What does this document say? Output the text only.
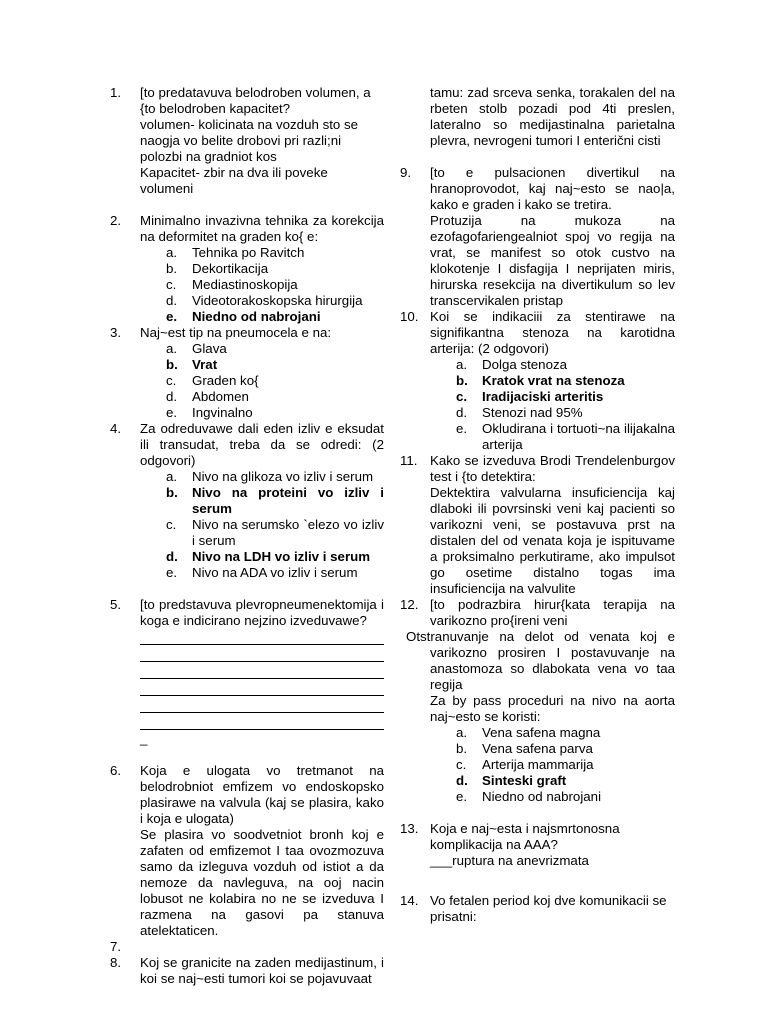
1. [to predatavuva belodroben volumen, a {to belodroben kapacitet?
volumen- kolicinata na vozduh sto se naogja vo belite drobovi pri razli;ni polozbi na gradniot kos
Kapacitet- zbir na dva ili poveke volumeni
2. Minimalno invazivna tehnika za korekcija na deformitet na graden ko{ e:
a. Tehnika po Ravitch
b. Dekortikacija
c. Mediastinoskopija
d. Videotorakoskopska hirurgija
e. Niedno od nabrojani
3. Naj~est tip na pneumocela e na:
a. Glava
b. Vrat
c. Graden ko{
d. Abdomen
e. Ingvinalno
4. Za odreduvawe dali eden izliv e eksudat ili transudat, treba da se odredi: (2 odgovori)
a. Nivo na glikoza vo izliv i serum
b. Nivo na proteini vo izliv i serum
c. Nivo na serumsko `elezo vo izliv i serum
d. Nivo na LDH vo izliv i serum
e. Nivo na ADA vo izliv i serum
5. [to predstavuva plevropneumenektomija i koga e indicirano nejzino izveduvawe?
_
6. Koja e ulogata vo tretmanot na belodrobniot emfizem vo endoskopsko plasirawe na valvula (kaj se plasira, kako i koja e ulogata)
Se plasira vo soodvetniot bronh koj e zafaten od emfizemot I taa ovozmozuva samo da izleguva vozduh od istiot a da nemoze da navleguva, na ooj nacin lobusot ne kolabira no ne se izveduva I razmena na gasovi pa stanuva atelektaticen.
7.

8. Koj se granicite na zaden medijastinum, i koi se naj~esti tumori koi se pojavuvaat
tamu: zad srceva senka, torakalen del na rbeten stolb pozadi pod 4ti preslen, lateralno so medijastinalna parietalna plevra, nevrogeni tumori I enterični cisti
9. [to e pulsacionen divertikul na hranoprovodot, kaj naj~esto se nao|a, kako e graden i kako se tretira.
Protuzija na mukoza na ezofagofariengealniot spoj vo regija na vrat, se manifest so otok custvo na klokotenje I disfagija I neprijaten miris, hirurska resekcija na divertikulum so lev transcervikalen pristap
10. Koi se indikaciii za stentirawe na signifikantna stenoza na karotidna arterija: (2 odgovori)
a. Dolga stenoza
b. Kratok vrat na stenoza
c. Iradijaciski arteritis
d. Stenozi nad 95%
e. Okludirana i tortuoti~na ilijakalna arterija
11. Kako se izveduva Brodi Trendelenburgov test i {to detektira:
Dektektira valvularna insuficiencija kaj dlaboki ili povrsinski veni kaj pacienti so varikozni veni, se postavuva prst na distalen del od venata koja je ispituvame a proksimalno perkutirame, ako impulsot go osetime distalno togas ima insuficiencija na valvulite
12. [to podrazbira hirur{kata terapija na varikozno pro{ireni veni
Otstranuvanje na delot od venata koj e varikozno prosiren I postavuvanje na anastomoza so dlabokata vena vo taa regija
Za by pass proceduri na nivo na aorta naj~esto se koristi:
a. Vena safena magna
b. Vena safena parva
c. Arterija mammarija
d. Sinteski graft
e. Niedno od nabrojani
13. Koja e naj~esta i najsmrtonosna komplikacija na AAA?
___ruptura na anevrizmata
14. Vo fetalen period koj dve komunikacii se prisatni:
